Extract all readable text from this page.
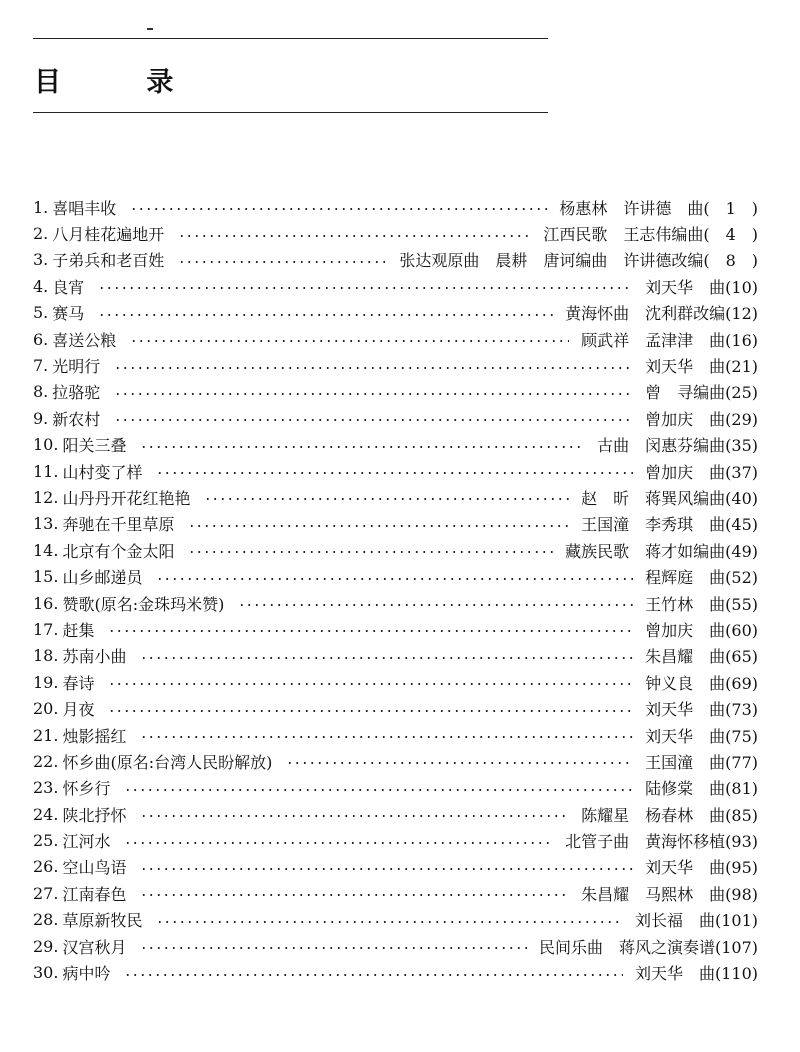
目 录
1. 喜唱丰收	杨惠林　许讲德　曲(　1　)
2. 八月桂花遍地开	江西民歌　王志伟编曲(　4　)
3. 子弟兵和老百姓	张达观原曲　晨耕　唐诃编曲　许讲德改编(　8　)
4. 良宵	刘天华　曲(10)
5. 赛马	黄海怀曲　沈利群改编(12)
6. 喜送公粮	顾武祥　孟津津　曲(16)
7. 光明行	刘天华　曲(21)
8. 拉骆驼	曾　寻编曲(25)
9. 新农村	曾加庆　曲(29)
10. 阳关三叠	古曲　闵惠芬编曲(35)
11. 山村变了样	曾加庆　曲(37)
12. 山丹丹开花红艳艳	赵　昕　蒋巽风编曲(40)
13. 奔驰在千里草原	王国潼　李秀琪　曲(45)
14. 北京有个金太阳	藏族民歌　蒋才如编曲(49)
15. 山乡邮递员	程辉庭　曲(52)
16. 赞歌(原名:金珠玛米赞)	王竹林　曲(55)
17. 赶集	曾加庆　曲(60)
18. 苏南小曲	朱昌耀　曲(65)
19. 春诗	钟义良　曲(69)
20. 月夜	刘天华　曲(73)
21. 烛影摇红	刘天华　曲(75)
22. 怀乡曲(原名:台湾人民盼解放)	王国潼　曲(77)
23. 怀乡行	陆修棠　曲(81)
24. 陕北抒怀	陈耀星　杨春林　曲(85)
25. 江河水	北管子曲　黄海怀移植(93)
26. 空山鸟语	刘天华　曲(95)
27. 江南春色	朱昌耀　马熙林　曲(98)
28. 草原新牧民	刘长福　曲(101)
29. 汉宫秋月	民间乐曲　蒋风之演奏谱(107)
30. 病中吟	刘天华　曲(110)
